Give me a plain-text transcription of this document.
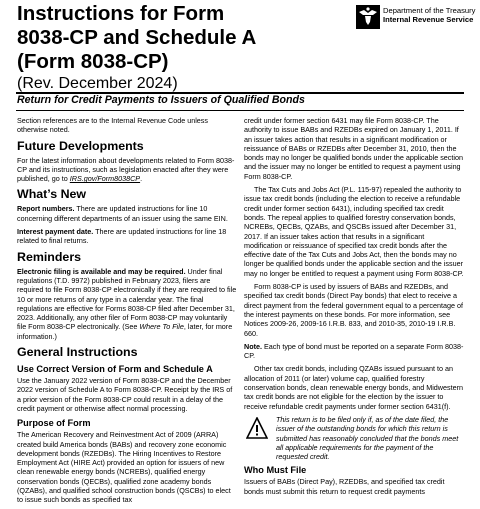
Instructions for Form
8038-CP and Schedule A
(Form 8038-CP)
Department of the Treasury
Internal Revenue Service
(Rev. December 2024)
Return for Credit Payments to Issuers of Qualified Bonds

Section references are to the Internal Revenue Code unless otherwise noted.

Future Developments

For the latest information about developments related to Form 8038-CP and its instructions, such as legislation enacted after they were published, go to IRS.gov/Form8038CP.

What’s New

Report numbers. There are updated instructions for line 10 concerning different departments of an issuer using the same EIN.

Interest payment date. There are updated instructions for line 18 related to final returns.

Reminders

Electronic filing is available and may be required. Under final regulations (T.D. 9972) published in February 2023, filers are required to file Form 8038-CP electronically if they are required to file 10 or more returns of any type in a calendar year. The final regulations are effective for Forms 8038-CP filed after December 31, 2023. Additionally, any other filer of Form 8038-CP may voluntarily file Form 8038-CP electronically. (See Where To File, later, for more information.)

General Instructions
Use Correct Version of Form and Schedule A

Use the January 2022 version of Form 8038-CP and the December 2022 version of Schedule A to Form 8038-CP. Receipt by the IRS of a prior version of the Form 8038-CP could result in a delay of the credit payment or otherwise affect normal processing.

Purpose of Form

The American Recovery and Reinvestment Act of 2009 (ARRA) created build America bonds (BABs) and recovery zone economic development bonds (RZEDBs). The Hiring Incentives to Restore Employment Act (HIRE Act) provided an option for issuers of new clean renewable energy bonds (NCREBs), qualified energy conservation bonds (QECBs), qualified zone academy bonds (QZABs), and qualified school construction bonds (QSCBs) to elect to issue such bonds as specified tax

credit under former section 6431 may file Form 8038-CP. The authority to issue BABs and RZEDBs expired on January 1, 2011. If an issuer takes action that results in a significant modification or reissuance of BABs or RZEDBs after December 31, 2010, then the bonds may no longer be qualified bonds under the applicable section and the issuer may no longer be entitled to request a payment using Form 8038-CP.

The Tax Cuts and Jobs Act (P.L. 115-97) repealed the authority to issue tax credit bonds (including the election to receive a refundable credit under former section 6431), including specified tax credit bonds. The repeal applies to qualified forestry conservation bonds, NCREBs, QECBs, QZABs, and QSCBs issued after December 31, 2017. If an issuer takes action that results in a significant modification or reissuance of specified tax credit bonds after the effective date of the Tax Cuts and Jobs Act, then the bonds may no longer be qualified bonds under the applicable section and the issuer may no longer be entitled to request a payment using Form 8038-CP.

Form 8038-CP is used by issuers of BABs and RZEDBs, and specified tax credit bonds (Direct Pay bonds) that elect to receive a direct payment from the federal government equal to a percentage of the interest payments on these bonds. For more information, see Notices 2009-26, 2009-16 I.R.B. 833, and 2010-35, 2010-19 I.R.B. 660.

Note. Each type of bond must be reported on a separate Form 8038-CP.

Other tax credit bonds, including QZABs issued pursuant to an allocation of 2011 (or later) volume cap, qualified forestry conservation bonds, clean renewable energy bonds, and Midwestern tax credit bonds are not eligible for the election by the issuer to receive refundable credit payments under former section 6431(f).

This return is to be filed only if, as of the date filed, the issuer of the outstanding bonds for which this return is submitted has reasonably concluded that the bonds meet all applicable requirements for the payment of the requested credit.
Who Must File

Issuers of BABs (Direct Pay), RZEDBs, and specified tax credit bonds must submit this return to request credit payments
